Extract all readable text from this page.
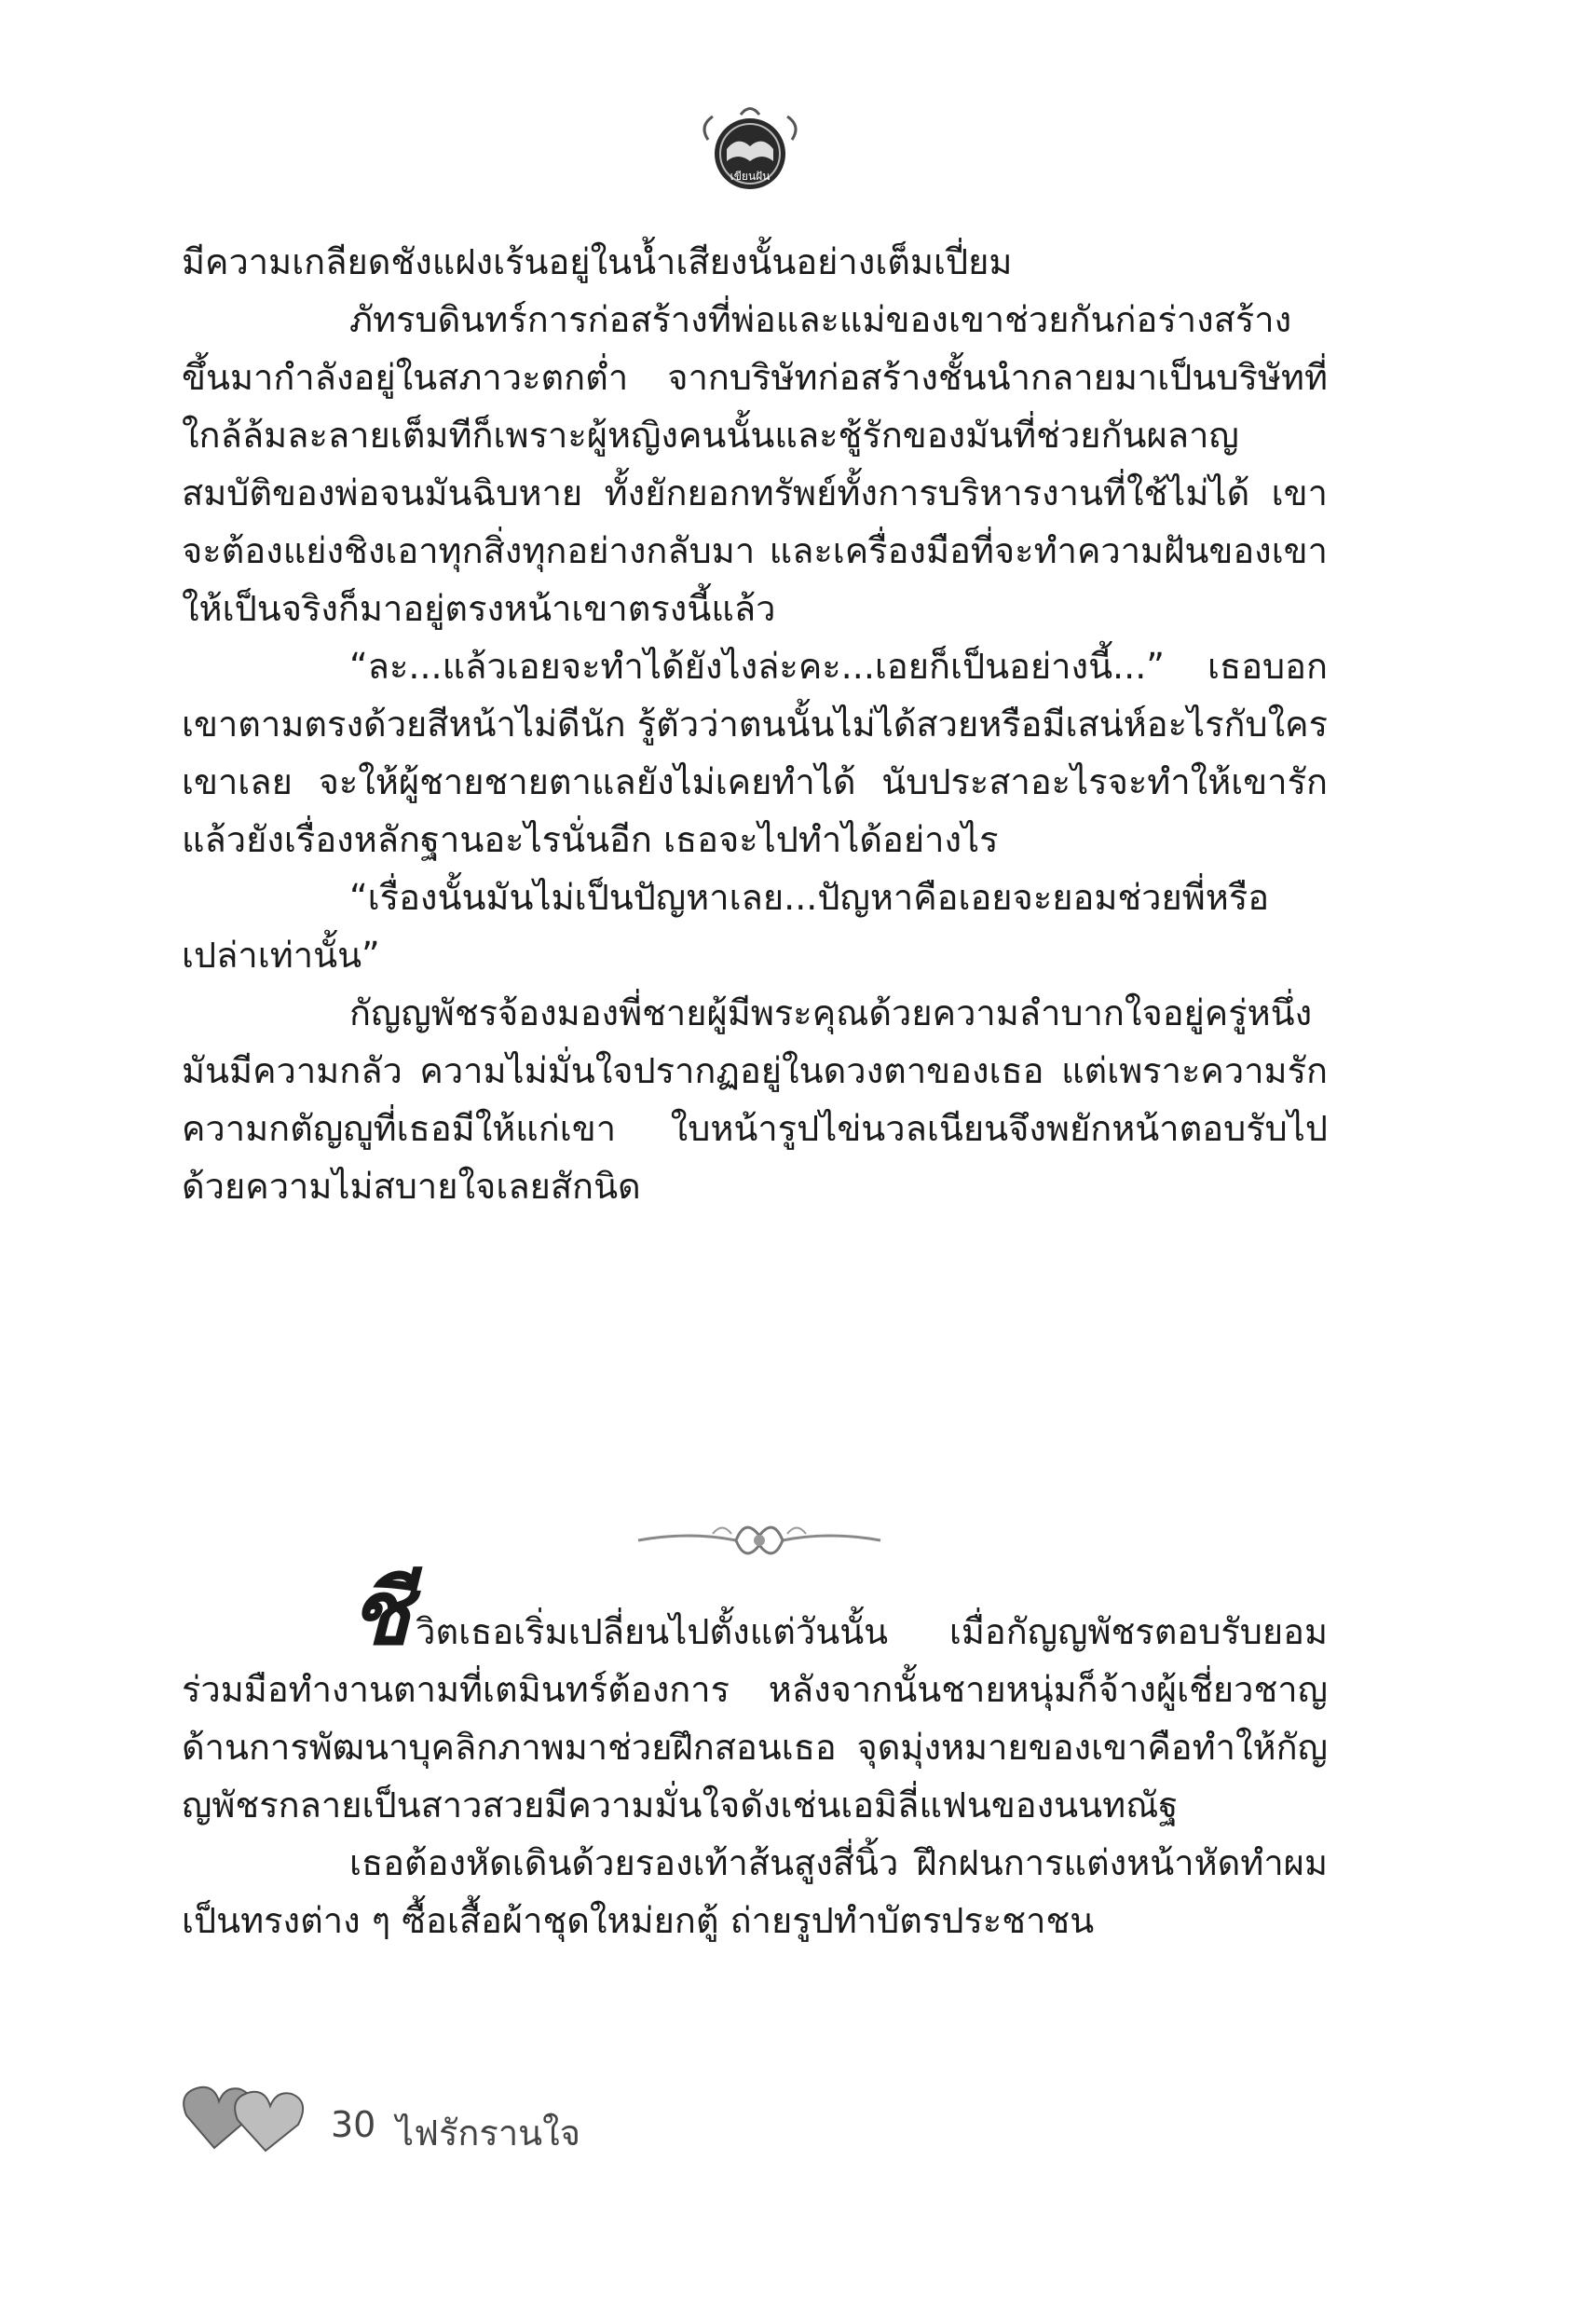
เขียนฝัน

มีความเกลียดชังแฝงเร้นอยู่ในน้ำเสียงนั้นอย่างเต็มเปี่ยม

ภัทรบดินทร์การก่อสร้างที่พ่อและแม่ของเขาช่วยกันก่อร่างสร้างขึ้นมากำลังอยู่ในสภาวะตกต่ำ จากบริษัทก่อสร้างชั้นนำกลายมาเป็นบริษัทที่ใกล้ล้มละลายเต็มทีก็เพราะผู้หญิงคนนั้นและชู้รักของมันที่ช่วยกันผลาญสมบัติของพ่อจนมันฉิบหาย ทั้งยักยอกทรัพย์ทั้งการบริหารงานที่ใช้ไม่ได้ เขาจะต้องแย่งชิงเอาทุกสิ่งทุกอย่างกลับมา และเครื่องมือที่จะทำความฝันของเขาให้เป็นจริงก็มาอยู่ตรงหน้าเขาตรงนี้แล้ว

“ละ...แล้วเอยจะทำได้ยังไงล่ะคะ...เอยก็เป็นอย่างนี้...” เธอบอกเขาตามตรงด้วยสีหน้าไม่ดีนัก รู้ตัวว่าตนนั้นไม่ได้สวยหรือมีเสน่ห์อะไรกับใครเขาเลย จะให้ผู้ชายชายตาแลยังไม่เคยทำได้ นับประสาอะไรจะทำให้เขารัก แล้วยังเรื่องหลักฐานอะไรนั่นอีก เธอจะไปทำได้อย่างไร

“เรื่องนั้นมันไม่เป็นปัญหาเลย...ปัญหาคือเอยจะยอมช่วยพี่หรือเปล่าเท่านั้น”

กัญญพัชรจ้องมองพี่ชายผู้มีพระคุณด้วยความลำบากใจอยู่ครู่หนึ่ง มันมีความกลัว ความไม่มั่นใจปรากฏอยู่ในดวงตาของเธอ แต่เพราะความรักความกตัญญูที่เธอมีให้แก่เขา ใบหน้ารูปไข่นวลเนียนจึงพยักหน้าตอบรับไปด้วยความไม่สบายใจเลยสักนิด

ชีวิตเธอเริ่มเปลี่ยนไปตั้งแต่วันนั้น เมื่อกัญญพัชรตอบรับยอมร่วมมือทำงานตามที่เตมินทร์ต้องการ หลังจากนั้นชายหนุ่มก็จ้างผู้เชี่ยวชาญด้านการพัฒนาบุคลิกภาพมาช่วยฝึกสอนเธอ จุดมุ่งหมายของเขาคือทำให้กัญญพัชรกลายเป็นสาวสวยมีความมั่นใจดังเช่นเอมิลี่แฟนของนนทณัฐ

เธอต้องหัดเดินด้วยรองเท้าส้นสูงสี่นิ้ว ฝึกฝนการแต่งหน้าหัดทำผมเป็นทรงต่าง ๆ ซื้อเสื้อผ้าชุดใหม่ยกตู้ ถ่ายรูปทำบัตรประชาชน

30 ไฟรักรานใจ
